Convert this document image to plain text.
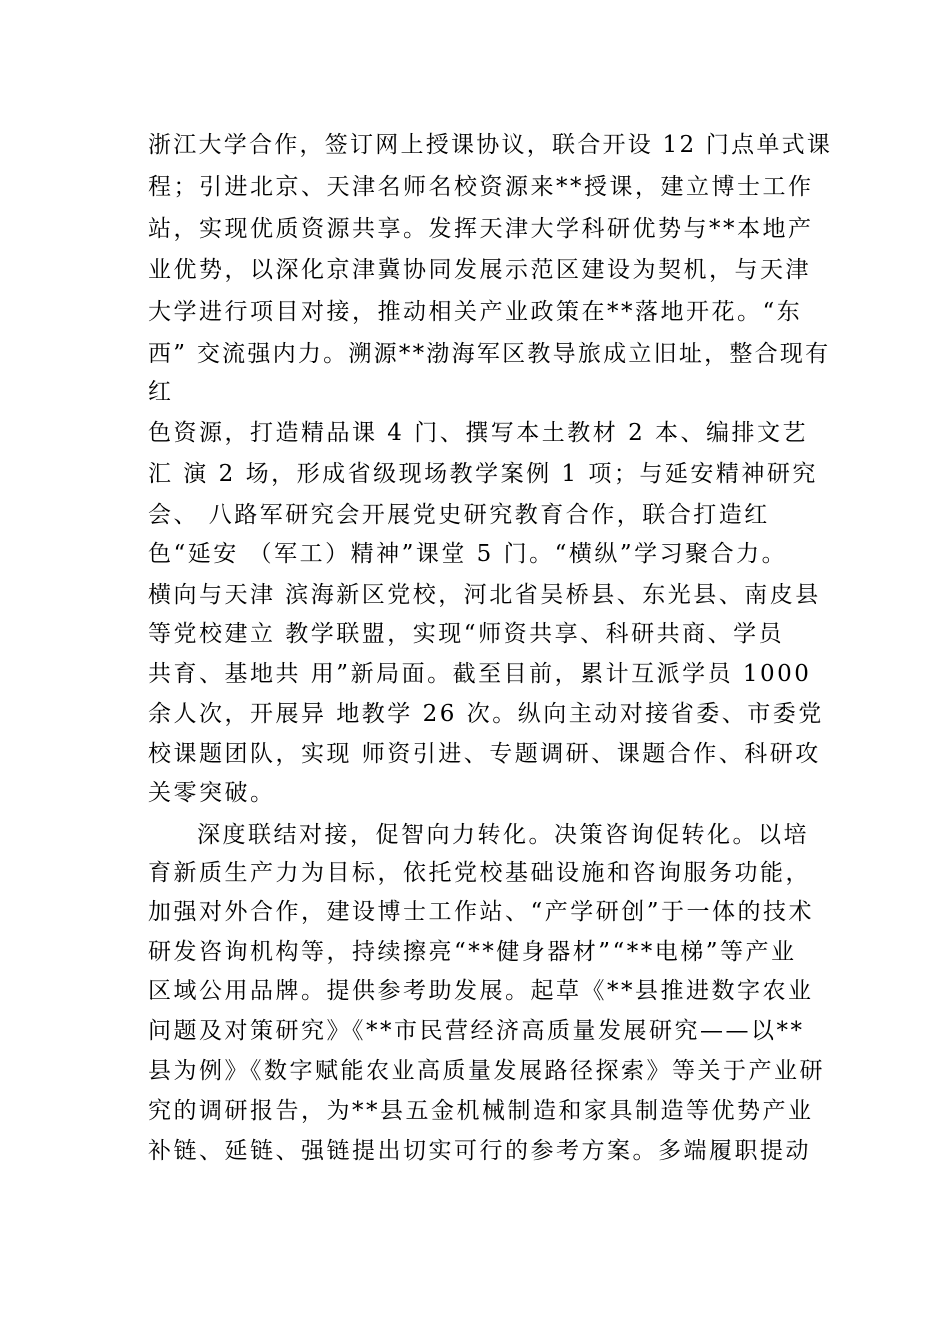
浙江大学合作，签订网上授课协议，联合开设 12 门点单式课
程；引进北京、天津名师名校资源来**授课，建立博士工作
站，实现优质资源共享。发挥天津大学科研优势与**本地产
业优势，以深化京津冀协同发展示范区建设为契机，与天津
大学进行项目对接，推动相关产业政策在**落地开花。“东
西” 交流强内力。溯源**渤海军区教导旅成立旧址，整合现有
红
色资源，打造精品课 4 门、撰写本土教材 2 本、编排文艺
汇 演 2 场，形成省级现场教学案例 1 项；与延安精神研究
会、 八路军研究会开展党史研究教育合作，联合打造红
色“延安 （军工）精神”课堂 5 门。“横纵”学习聚合力。
横向与天津 滨海新区党校，河北省吴桥县、东光县、南皮县
等党校建立 教学联盟，实现“师资共享、科研共商、学员
共育、基地共 用”新局面。截至目前，累计互派学员 1000
余人次，开展异 地教学 26 次。纵向主动对接省委、市委党
校课题团队，实现 师资引进、专题调研、课题合作、科研攻
关零突破。
深度联结对接，促智向力转化。决策咨询促转化。以培
育新质生产力为目标，依托党校基础设施和咨询服务功能，
加强对外合作，建设博士工作站、“产学研创”于一体的技术
研发咨询机构等，持续擦亮“**健身器材”“**电梯”等产业
区域公用品牌。提供参考助发展。起草《**县推进数字农业
问题及对策研究》《**市民营经济高质量发展研究——以**
县为例》《数字赋能农业高质量发展路径探索》等关于产业研
究的调研报告，为**县五金机械制造和家具制造等优势产业
补链、延链、强链提出切实可行的参考方案。多端履职提动
